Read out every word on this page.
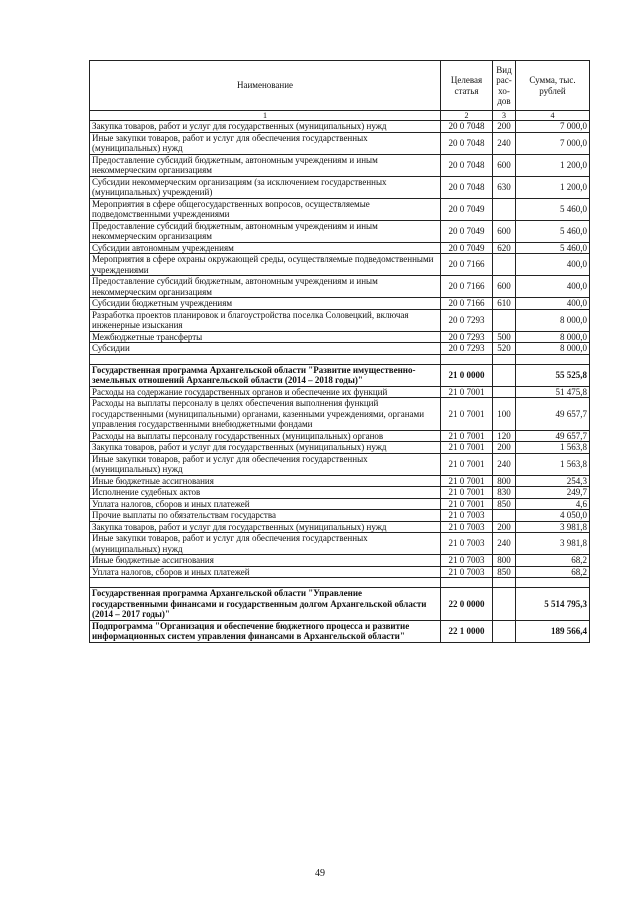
Наименование	Целевая статья	Вид рас-хо-дов	Сумма, тыс. рублей
1	2	3	4
Закупка товаров, работ и услуг для государственных (муниципальных) нужд	20 0 7048	200	7 000,0
Иные закупки товаров, работ и услуг для обеспечения государственных (муниципальных) нужд	20 0 7048	240	7 000,0
Предоставление субсидий бюджетным, автономным учреждениям и иным некоммерческим организациям	20 0 7048	600	1 200,0
Субсидии некоммерческим организациям (за исключением государственных (муниципальных) учреждений)	20 0 7048	630	1 200,0
Мероприятия в сфере общегосударственных вопросов, осуществляемые подведомственными учреждениями	20 0 7049		5 460,0
Предоставление субсидий бюджетным, автономным учреждениям и иным некоммерческим организациям	20 0 7049	600	5 460,0
Субсидии автономным учреждениям	20 0 7049	620	5 460,0
Мероприятия в сфере охраны окружающей среды, осуществляемые подведомственными учреждениями	20 0 7166		400,0
Предоставление субсидий бюджетным, автономным учреждениям и иным некоммерческим организациям	20 0 7166	600	400,0
Субсидии бюджетным учреждениям	20 0 7166	610	400,0
Разработка проектов планировок и благоустройства поселка Соловецкий, включая инженерные изыскания	20 0 7293		8 000,0
Межбюджетные трансферты	20 0 7293	500	8 000,0
Субсидии	20 0 7293	520	8 000,0

Государственная программа Архангельской области "Развитие имущественно-земельных отношений Архангельской области (2014 – 2018 годы)"	21 0 0000		55 525,8
Расходы на содержание государственных органов и обеспечение их функций	21 0 7001		51 475,8
Расходы на выплаты персоналу в целях обеспечения выполнения функций государственными (муниципальными) органами, казенными учреждениями, органами управления государственными внебюджетными фондами	21 0 7001	100	49 657,7
Расходы на выплаты персоналу государственных (муниципальных) органов	21 0 7001	120	49 657,7
Закупка товаров, работ и услуг для государственных (муниципальных) нужд	21 0 7001	200	1 563,8
Иные закупки товаров, работ и услуг для обеспечения государственных (муниципальных) нужд	21 0 7001	240	1 563,8
Иные бюджетные ассигнования	21 0 7001	800	254,3
Исполнение судебных актов	21 0 7001	830	249,7
Уплата налогов, сборов и иных платежей	21 0 7001	850	4,6
Прочие выплаты по обязательствам государства	21 0 7003		4 050,0
Закупка товаров, работ и услуг для государственных (муниципальных) нужд	21 0 7003	200	3 981,8
Иные закупки товаров, работ и услуг для обеспечения государственных (муниципальных) нужд	21 0 7003	240	3 981,8
Иные бюджетные ассигнования	21 0 7003	800	68,2
Уплата налогов, сборов и иных платежей	21 0 7003	850	68,2

Государственная программа Архангельской области "Управление государственными финансами и государственным долгом Архангельской области (2014 – 2017 годы)"	22 0 0000		5 514 795,3
Подпрограмма "Организация и обеспечение бюджетного процесса и развитие информационных систем управления финансами в Архангельской области"	22 1 0000		189 566,4
49
